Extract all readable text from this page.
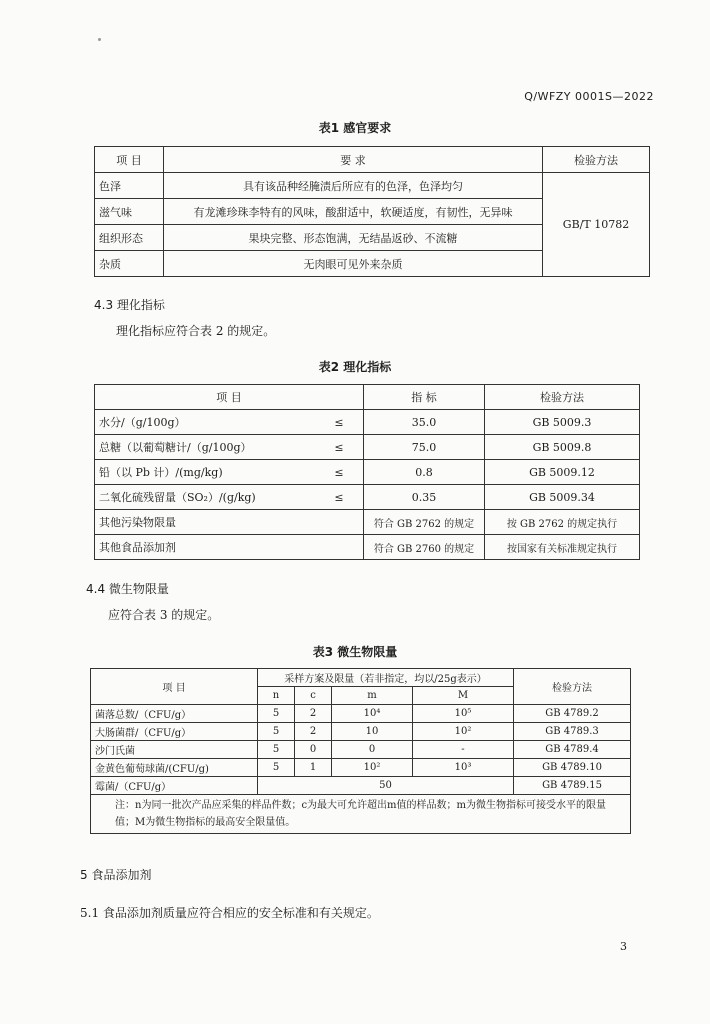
Q/WFZY 0001S—2022
表1 感官要求
项 目	要 求	检验方法
色泽	具有该品种经腌渍后所应有的色泽，色泽均匀	GB/T 10782
滋气味	有龙滩珍珠李特有的风味，酸甜适中，软硬适度，有韧性，无异味	
组织形态	果块完整、形态饱满，无结晶返砂、不流糖	
杂质	无肉眼可见外来杂质	
4.3 理化指标
理化指标应符合表 2 的规定。
表2 理化指标
项 目		指 标	检验方法
水分/（g/100g）	≤	35.0	GB 5009.3
总糖（以葡萄糖计/（g/100g）	≤	75.0	GB 5009.8
铅（以 Pb 计）/(mg/kg)	≤	0.8	GB 5009.12
二氧化硫残留量（SO₂）/(g/kg)	≤	0.35	GB 5009.34
其他污染物限量		符合 GB 2762 的规定	按 GB 2762 的规定执行
其他食品添加剂		符合 GB 2760 的规定	按国家有关标准规定执行
4.4 微生物限量
应符合表 3 的规定。
表3 微生物限量
项 目	采样方案及限量（若非指定，均以/25g表示）				检验方法
	n	c	m	M	
菌落总数/（CFU/g）	5	2	10⁴	10⁵	GB 4789.2
大肠菌群/（CFU/g）	5	2	10	10²	GB 4789.3
沙门氏菌	5	0	0	-	GB 4789.4
金黄色葡萄球菌/(CFU/g)	5	1	10²	10³	GB 4789.10
霉菌/（CFU/g）	50				GB 4789.15
注：n为同一批次产品应采集的样品件数；c为最大可允许超出m值的样品数；m为微生物指标可接受水平的限量值；M为微生物指标的最高安全限量值。					
5 食品添加剂
5.1 食品添加剂质量应符合相应的安全标准和有关规定。
3
